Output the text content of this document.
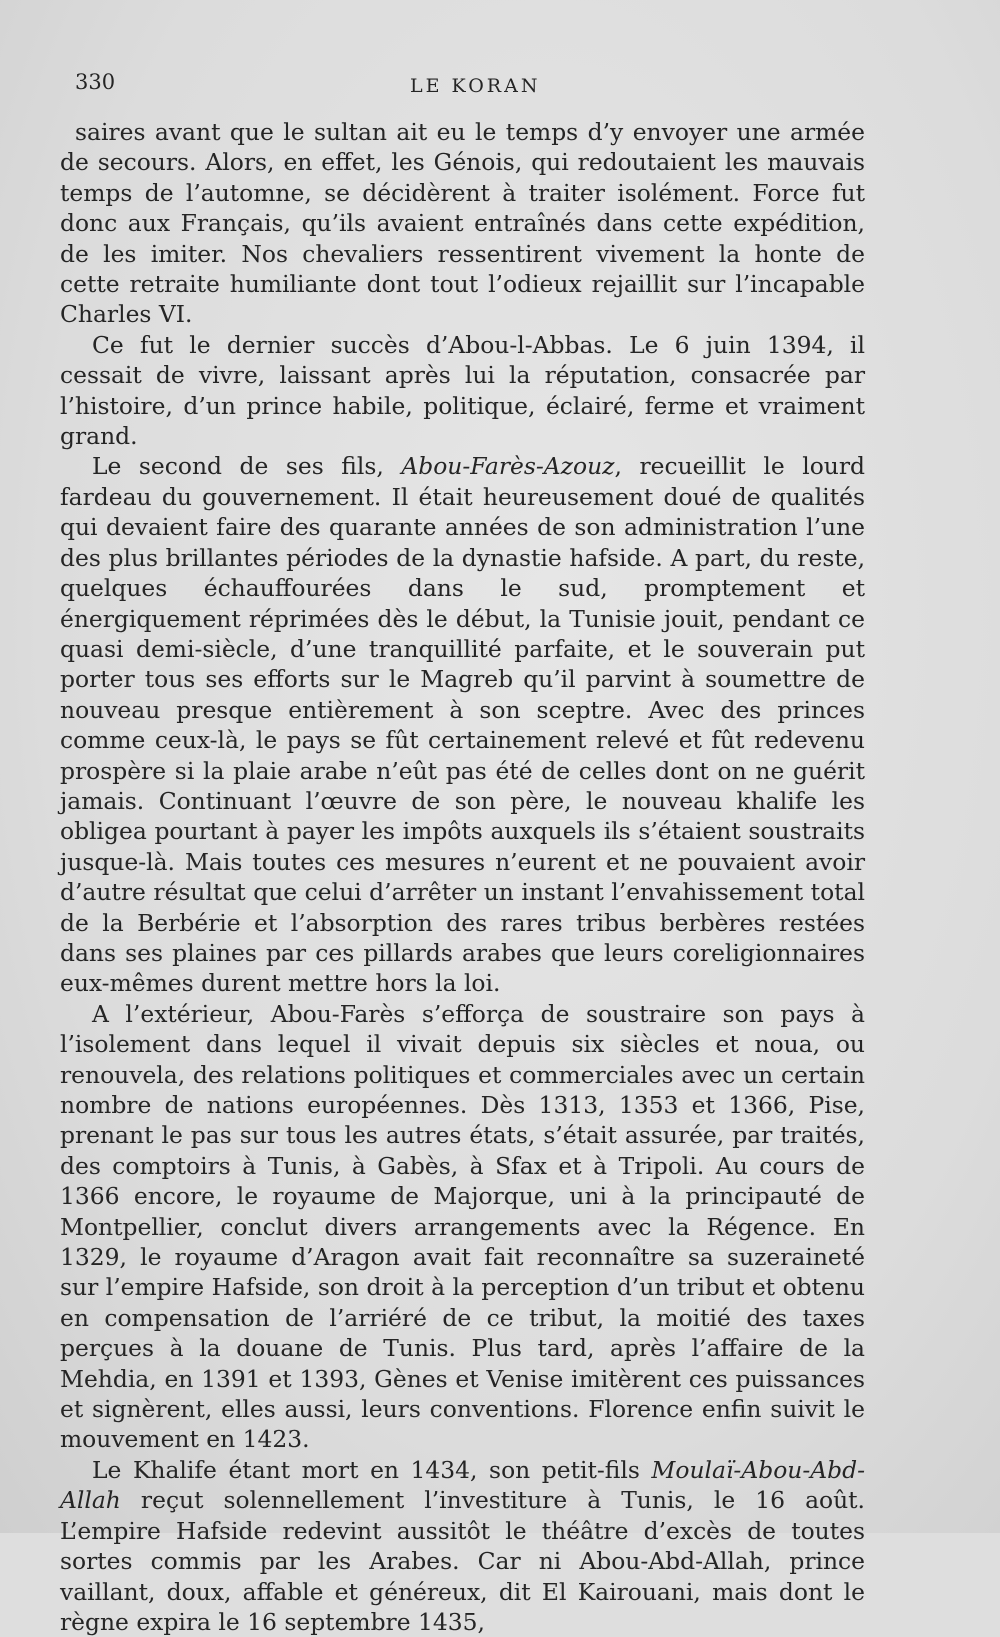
330	LE KORAN

saires avant que le sultan ait eu le temps d’y envoyer une armée de secours. Alors, en effet, les Génois, qui redoutaient les mauvais temps de l’automne, se décidèrent à traiter isolément. Force fut donc aux Français, qu’ils avaient entraînés dans cette expédition, de les imiter. Nos chevaliers ressentirent vivement la honte de cette retraite humiliante dont tout l’odieux rejaillit sur l’incapable Charles VI.

Ce fut le dernier succès d’Abou-l-Abbas. Le 6 juin 1394, il cessait de vivre, laissant après lui la réputation, consacrée par l’histoire, d’un prince habile, politique, éclairé, ferme et vraiment grand.

Le second de ses fils, Abou-Farès-Azouz, recueillit le lourd fardeau du gouvernement. Il était heureusement doué de qualités qui devaient faire des quarante années de son administration l’une des plus brillantes périodes de la dynastie hafside. A part, du reste, quelques échauffourées dans le sud, promptement et énergiquement réprimées dès le début, la Tunisie jouit, pendant ce quasi demi-siècle, d’une tranquillité parfaite, et le souverain put porter tous ses efforts sur le Magreb qu’il parvint à soumettre de nouveau presque entièrement à son sceptre. Avec des princes comme ceux-là, le pays se fût certainement relevé et fût redevenu prospère si la plaie arabe n’eût pas été de celles dont on ne guérit jamais. Continuant l’œuvre de son père, le nouveau khalife les obligea pourtant à payer les impôts auxquels ils s’étaient soustraits jusque-là. Mais toutes ces mesures n’eurent et ne pouvaient avoir d’autre résultat que celui d’arrêter un instant l’envahissement total de la Berbérie et l’absorption des rares tribus berbères restées dans ses plaines par ces pillards arabes que leurs coreligionnaires eux-mêmes durent mettre hors la loi.

A l’extérieur, Abou-Farès s’efforça de soustraire son pays à l’isolement dans lequel il vivait depuis six siècles et noua, ou renouvela, des relations politiques et commerciales avec un certain nombre de nations européennes. Dès 1313, 1353 et 1366, Pise, prenant le pas sur tous les autres états, s’était assurée, par traités, des comptoirs à Tunis, à Gabès, à Sfax et à Tripoli. Au cours de 1366 encore, le royaume de Majorque, uni à la principauté de Montpellier, conclut divers arrangements avec la Régence. En 1329, le royaume d’Aragon avait fait reconnaître sa suzeraineté sur l’empire Hafside, son droit à la perception d’un tribut et obtenu en compensation de l’arriéré de ce tribut, la moitié des taxes perçues à la douane de Tunis. Plus tard, après l’affaire de la Mehdia, en 1391 et 1393, Gènes et Venise imitèrent ces puissances et signèrent, elles aussi, leurs conventions. Florence enfin suivit le mouvement en 1423.

Le Khalife étant mort en 1434, son petit-fils Moulaï-Abou-Abd-Allah reçut solennellement l’investiture à Tunis, le 16 août. L’empire Hafside redevint aussitôt le théâtre d’excès de toutes sortes commis par les Arabes. Car ni Abou-Abd-Allah, prince vaillant, doux, affable et généreux, dit El Kairouani, mais dont le règne expira le 16 septembre 1435,
